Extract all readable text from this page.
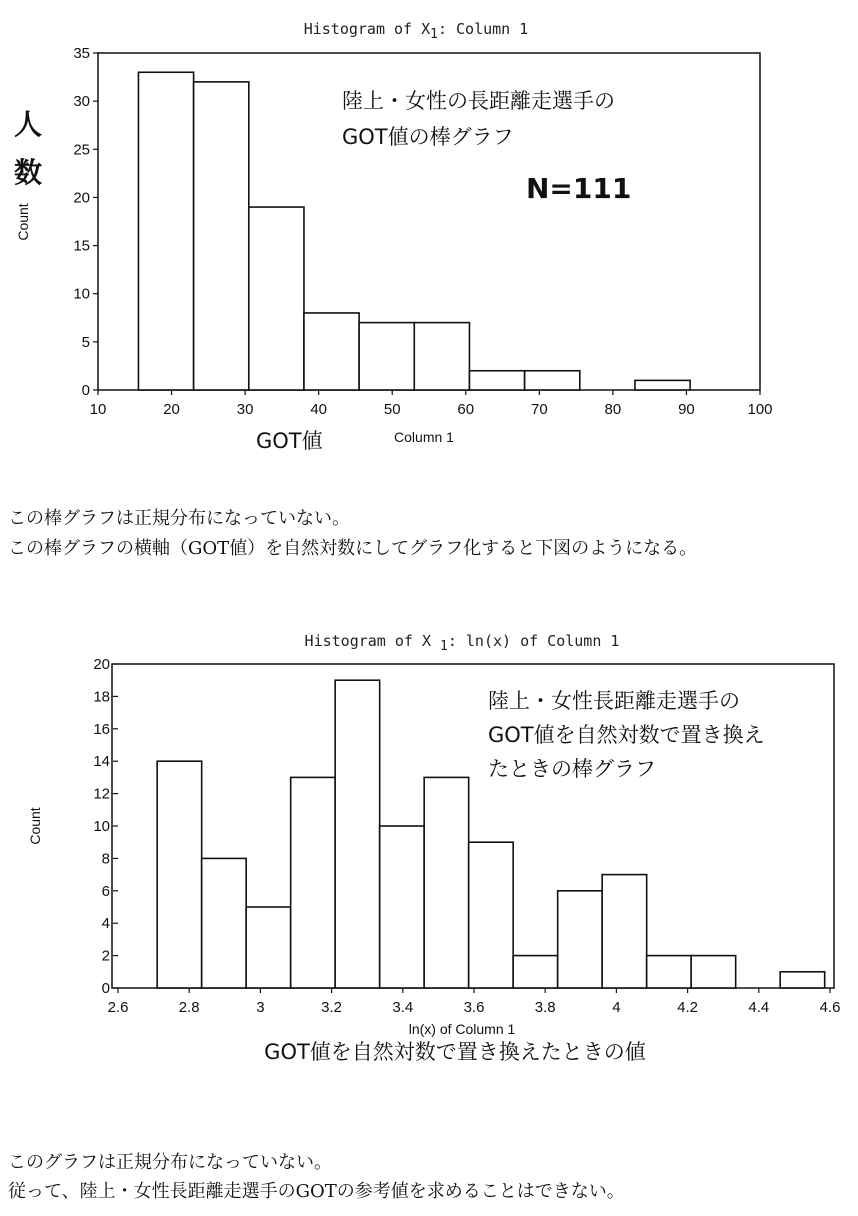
Histogram of X1: Column 1
10	20	30	40	50	60	70	80	90	100
0
5
10
15
20
25
30
35
Count
Column 1
陸上・女性の長距離走選手の
GOT値の棒グラフ
N=111
人
数
GOT値

この棒グラフは正規分布になっていない。

この棒グラフの横軸（GOT値）を自然対数にしてグラフ化すると下図のようになる。

Histogram of X 1: ln(x) of Column 1
2.6	2.8	3	3.2	3.4	3.6	3.8	4	4.2	4.4	4.6
0
2
4
6
8
10
12
14
16
18
20
Count
ln(x) of Column 1
陸上・女性長距離走選手の
GOT値を自然対数で置き換え
たときの棒グラフ
GOT値を自然対数で置き換えたときの値

このグラフは正規分布になっていない。

従って、陸上・女性長距離走選手のGOTの参考値を求めることはできない。
